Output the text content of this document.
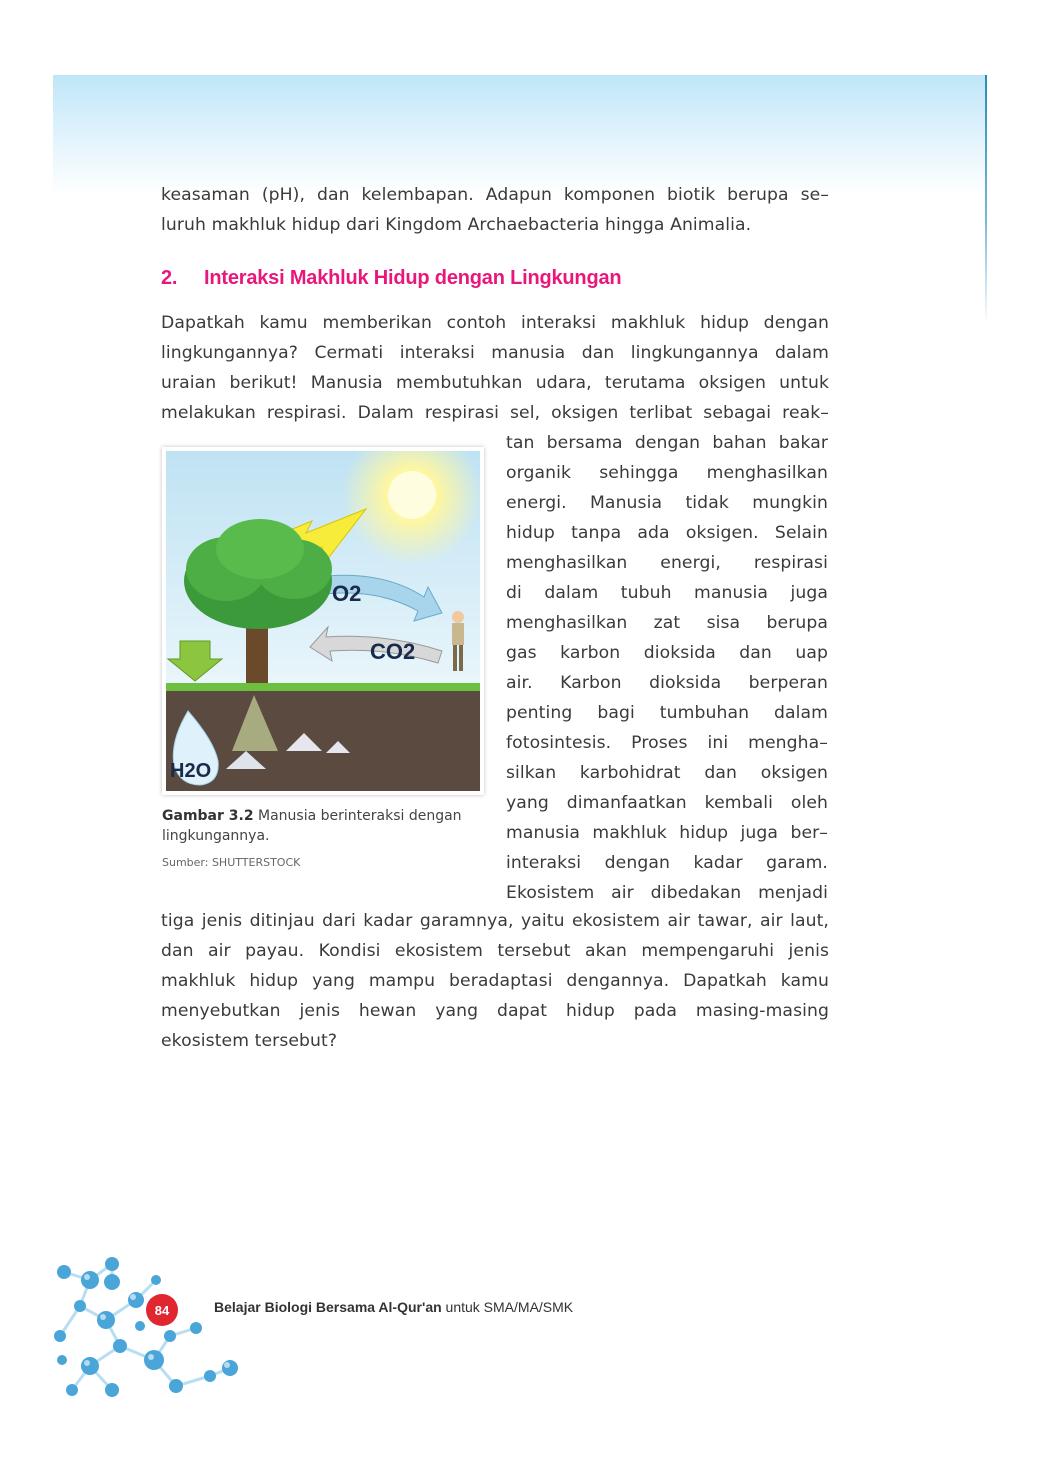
keasaman (pH), dan kelembapan. Adapun komponen biotik berupa se–
luruh makhluk hidup dari Kingdom Archaebacteria hingga Animalia.
2. Interaksi Makhluk Hidup dengan Lingkungan
Dapatkah kamu memberikan contoh interaksi makhluk hidup dengan
lingkungannya? Cermati interaksi manusia dan lingkungannya dalam
uraian berikut! Manusia membutuhkan udara, terutama oksigen untuk
melakukan respirasi. Dalam respirasi sel, oksigen terlibat sebagai reak–
O2
CO2
H2O
Gambar 3.2 Manusia berinteraksi dengan lingkungannya.
Sumber: SHUTTERSTOCK
tan bersama dengan bahan bakar
organik sehingga menghasilkan
energi. Manusia tidak mungkin
hidup tanpa ada oksigen. Selain
menghasilkan energi, respirasi
di dalam tubuh manusia juga
menghasilkan zat sisa berupa
gas karbon dioksida dan uap
air. Karbon dioksida berperan
penting bagi tumbuhan dalam
fotosintesis. Proses ini mengha–
silkan karbohidrat dan oksigen
yang dimanfaatkan kembali oleh
manusia makhluk hidup juga ber–
interaksi dengan kadar garam.
Ekosistem air dibedakan menjadi
tiga jenis ditinjau dari kadar garamnya, yaitu ekosistem air tawar, air laut,
dan air payau. Kondisi ekosistem tersebut akan mempengaruhi jenis
makhluk hidup yang mampu beradaptasi dengannya. Dapatkah kamu
menyebutkan jenis hewan yang dapat hidup pada masing-masing
ekosistem tersebut?
84	Belajar Biologi Bersama Al-Qur'an untuk SMA/MA/SMK
